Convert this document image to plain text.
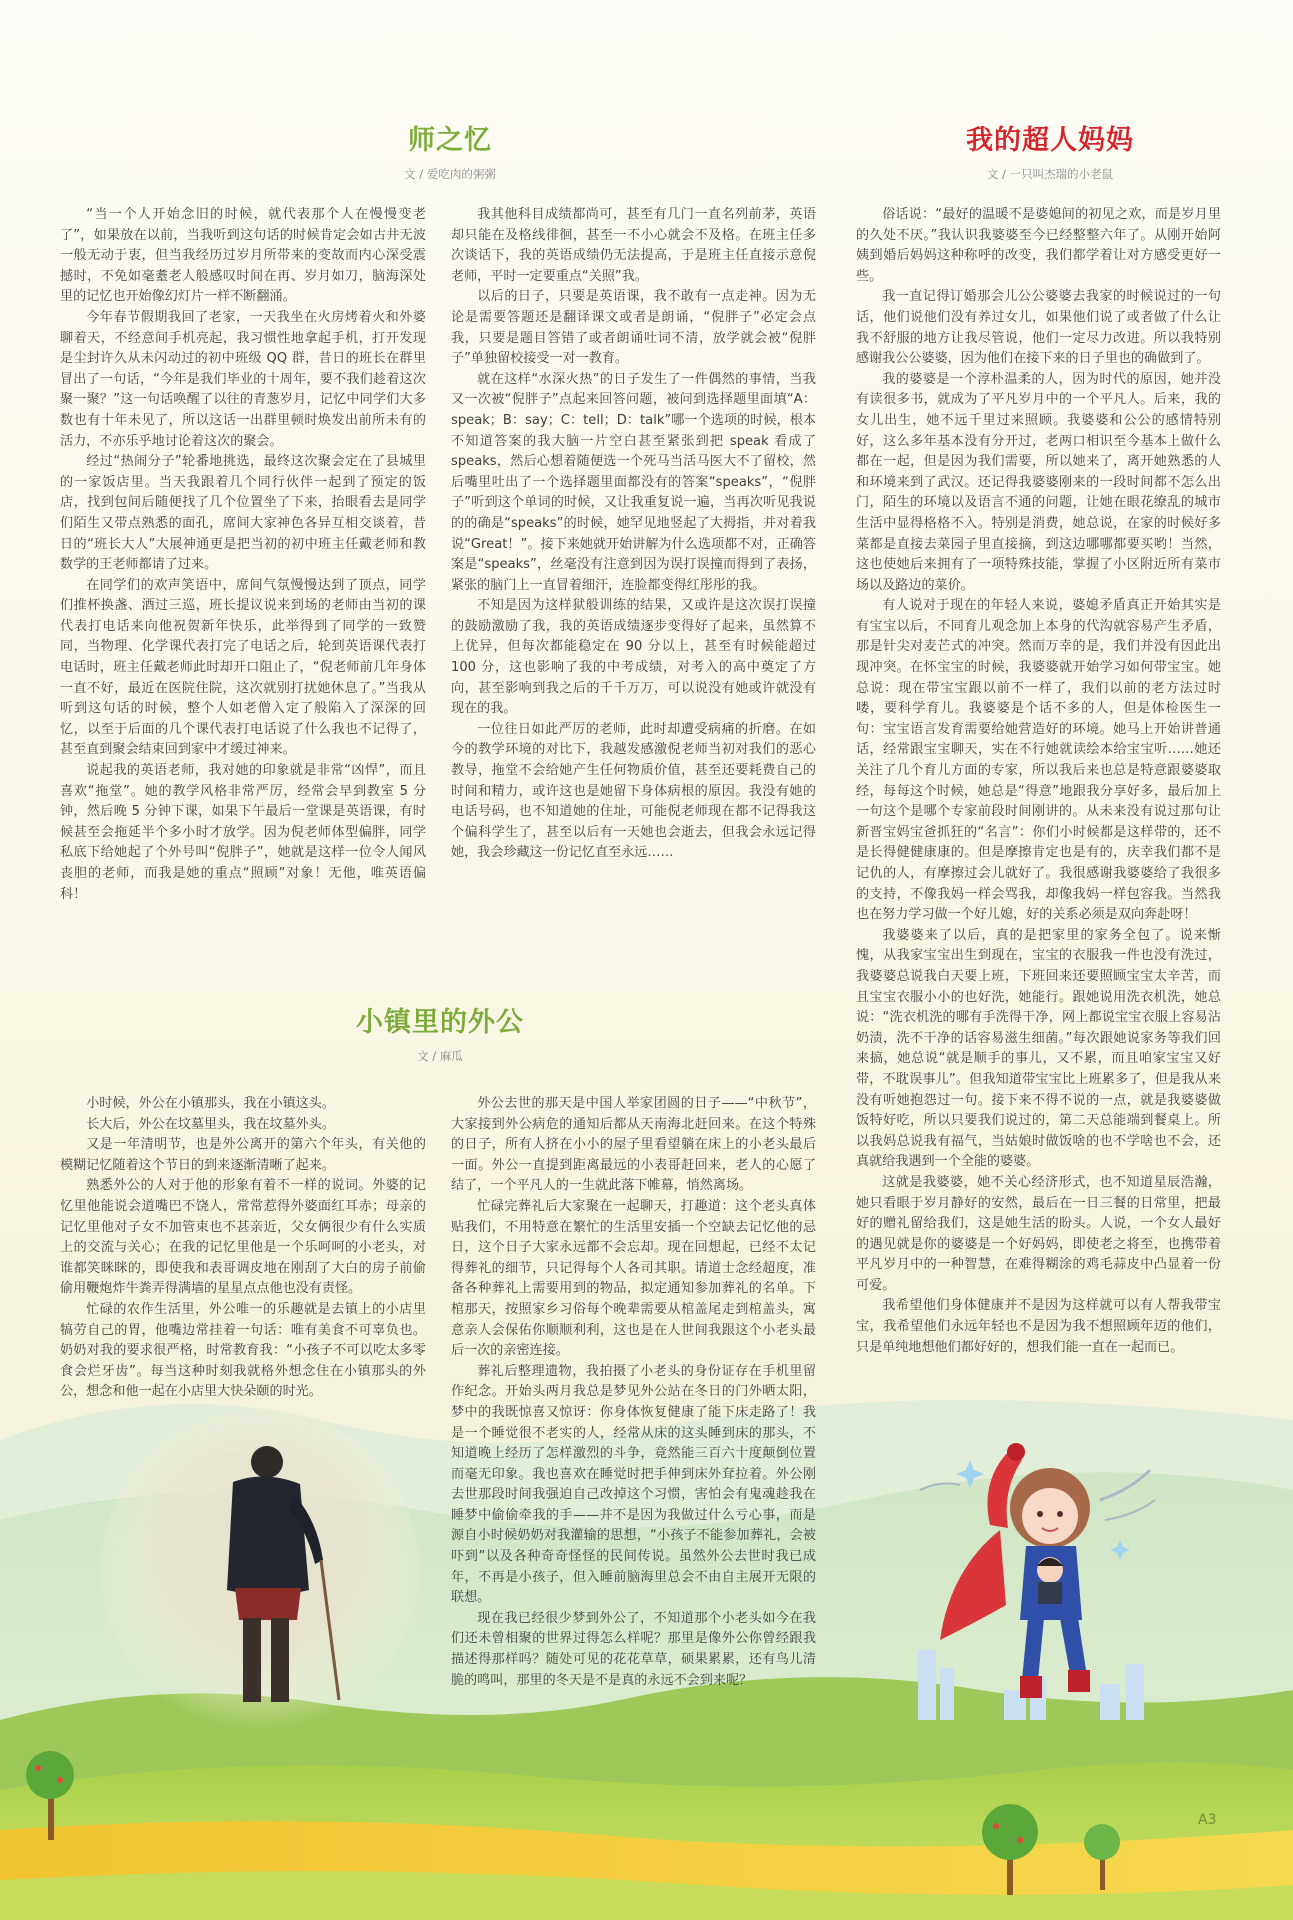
师之忆
文 / 爱吃肉的粥粥

“当一个人开始念旧的时候，就代表那个人在慢慢变老了”，如果放在以前，当我听到这句话的时候肯定会如古井无波一般无动于衷，但当我经历过岁月所带来的变故而内心深受震撼时，不免如毫耋老人般感叹时间在再、岁月如刀，脑海深处里的记忆也开始像幻灯片一样不断翻涌。

今年春节假期我回了老家，一天我坐在火房烤着火和外婆聊着天，不经意间手机亮起，我习惯性地拿起手机，打开发现是尘封许久从未闪动过的初中班级 QQ 群，昔日的班长在群里冒出了一句话，“今年是我们毕业的十周年，要不我们趁着这次聚一聚？”这一句话唤醒了以往的青葱岁月，记忆中同学们大多数也有十年未见了，所以这话一出群里顿时焕发出前所未有的活力，不亦乐乎地讨论着这次的聚会。

经过“热闹分子”轮番地挑选，最终这次聚会定在了县城里的一家饭店里。当天我跟着几个同行伙伴一起到了预定的饭店，找到包间后随便找了几个位置坐了下来，抬眼看去是同学们陌生又带点熟悉的面孔，席间大家神色各异互相交谈着，昔日的“班长大人”大展神通更是把当初的初中班主任戴老师和教数学的王老师都请了过来。

在同学们的欢声笑语中，席间气氛慢慢达到了顶点，同学们推杯换盏、酒过三巡，班长提议说来到场的老师由当初的课代表打电话来向他祝贺新年快乐，此举得到了同学的一致赞同，当物理、化学课代表打完了电话之后，轮到英语课代表打电话时，班主任戴老师此时却开口阻止了，“倪老师前几年身体一直不好，最近在医院住院，这次就别打扰她休息了。”当我从听到这句话的时候，整个人如老僧入定了般陷入了深深的回忆，以至于后面的几个课代表打电话说了什么我也不记得了，甚至直到聚会结束回到家中才缓过神来。

说起我的英语老师，我对她的印象就是非常“凶悍”，而且喜欢“拖堂”。她的教学风格非常严厉，经常会早到教室 5 分钟，然后晚 5 分钟下课，如果下午最后一堂课是英语课，有时候甚至会拖延半个多小时才放学。因为倪老师体型偏胖，同学私底下给她起了个外号叫“倪胖子”，她就是这样一位令人闻风丧胆的老师，而我是她的重点“照顾”对象！无他，唯英语偏科！

我其他科目成绩都尚可，甚至有几门一直名列前茅，英语却只能在及格线徘徊，甚至一不小心就会不及格。在班主任多次谈话下，我的英语成绩仍无法提高，于是班主任直接示意倪老师，平时一定要重点“关照”我。

以后的日子，只要是英语课，我不敢有一点走神。因为无论是需要答题还是翻译课文或者是朗诵，“倪胖子”必定会点我，只要是题目答错了或者朗诵吐词不清，放学就会被“倪胖子”单独留校接受一对一教育。

就在这样“水深火热”的日子发生了一件偶然的事情，当我又一次被“倪胖子”点起来回答问题，被问到选择题里面填“A：speak；B：say；C：tell；D：talk”哪一个选项的时候，根本不知道答案的我大脑一片空白甚至紧张到把 speak 看成了 speaks，然后心想着随便选一个死马当活马医大不了留校，然后嘴里吐出了一个选择题里面都没有的答案“speaks”，“倪胖子”听到这个单词的时候，又让我重复说一遍，当再次听见我说的的确是“speaks”的时候，她罕见地竖起了大拇指，并对着我说“Great！”。接下来她就开始讲解为什么选项都不对，正确答案是“speaks”，丝毫没有注意到因为误打误撞而得到了表扬，紧张的脑门上一直冒着细汗，连脸都变得红彤彤的我。

不知是因为这样狱般训练的结果，又或许是这次误打误撞的鼓励激励了我，我的英语成绩逐步变得好了起来，虽然算不上优异，但每次都能稳定在 90 分以上，甚至有时候能超过 100 分，这也影响了我的中考成绩，对考入的高中奠定了方向，甚至影响到我之后的千千万万，可以说没有她或许就没有现在的我。

一位往日如此严厉的老师，此时却遭受病痛的折磨。在如今的教学环境的对比下，我越发感激倪老师当初对我们的恶心教导，拖堂不会给她产生任何物质价值，甚至还要耗费自己的时间和精力，或许这也是她留下身体病根的原因。我没有她的电话号码，也不知道她的住址，可能倪老师现在都不记得我这个偏科学生了，甚至以后有一天她也会逝去，但我会永远记得她，我会珍藏这一份记忆直至永远……

我的超人妈妈
文 / 一只叫杰瑞的小老鼠

俗话说：“最好的温暖不是婆媳间的初见之欢，而是岁月里的久处不厌。”我认识我婆婆至今已经整整六年了。从刚开始阿姨到婚后妈妈这种称呼的改变，我们都学着让对方感受更好一些。

我一直记得订婚那会儿公公婆婆去我家的时候说过的一句话，他们说他们没有养过女儿，如果他们说了或者做了什么让我不舒服的地方让我尽管说，他们一定尽力改进。所以我特别感谢我公公婆婆，因为他们在接下来的日子里也的确做到了。

我的婆婆是一个淳朴温柔的人，因为时代的原因，她并没有读很多书，就成为了平凡岁月中的一个平凡人。后来，我的女儿出生，她不远千里过来照顾。我婆婆和公公的感情特别好，这么多年基本没有分开过，老两口相识至今基本上做什么都在一起，但是因为我们需要，所以她来了，离开她熟悉的人和环境来到了武汉。还记得我婆婆刚来的一段时间都不怎么出门，陌生的环境以及语言不通的问题，让她在眼花缭乱的城市生活中显得格格不入。特别是消费，她总说，在家的时候好多菜都是直接去菜园子里直接摘，到这边哪哪都要买哟！当然，这也使她后来拥有了一项特殊技能，掌握了小区附近所有菜市场以及路边的菜价。

有人说对于现在的年轻人来说，婆媳矛盾真正开始其实是有宝宝以后，不同育儿观念加上本身的代沟就容易产生矛盾，那是针尖对麦芒式的冲突。然而万幸的是，我们并没有因此出现冲突。在怀宝宝的时候，我婆婆就开始学习如何带宝宝。她总说：现在带宝宝跟以前不一样了，我们以前的老方法过时喽，要科学育儿。我婆婆是个话不多的人，但是体检医生一句：宝宝语言发育需要给她营造好的环境。她马上开始讲普通话，经常跟宝宝聊天，实在不行她就读绘本给宝宝听……她还关注了几个育儿方面的专家，所以我后来也总是特意跟婆婆取经，每每这个时候，她总是“得意”地跟我分享好多，最后加上一句这个是哪个专家前段时间刚讲的。从未来没有说过那句让新晋宝妈宝爸抓狂的“名言”：你们小时候都是这样带的，还不是长得健健康康的。但是摩擦肯定也是有的，庆幸我们都不是记仇的人，有摩擦过会儿就好了。我很感谢我婆婆给了我很多的支持，不像我妈一样会骂我，却像我妈一样包容我。当然我也在努力学习做一个好儿媳，好的关系必须是双向奔赴呀！

我婆婆来了以后，真的是把家里的家务全包了。说来惭愧，从我家宝宝出生到现在，宝宝的衣服我一件也没有洗过，我婆婆总说我白天要上班，下班回来还要照顾宝宝太辛苦，而且宝宝衣服小小的也好洗，她能行。跟她说用洗衣机洗，她总说：“洗衣机洗的哪有手洗得干净，网上都说宝宝衣服上容易沾奶渍，洗不干净的话容易滋生细菌。”每次跟她说家务等我们回来搞，她总说“就是顺手的事儿，又不累，而且咱家宝宝又好带，不耽误事儿”。但我知道带宝宝比上班累多了，但是我从来没有听她抱怨过一句。接下来不得不说的一点，就是我婆婆做饭特好吃，所以只要我们说过的，第二天总能端到餐桌上。所以我妈总说我有福气，当姑娘时做饭啥的也不学啥也不会，还真就给我遇到一个全能的婆婆。

这就是我婆婆，她不关心经济形式，也不知道星辰浩瀚，她只看眼于岁月静好的安然，最后在一日三餐的日常里，把最好的赠礼留给我们，这是她生活的盼头。人说，一个女人最好的遇见就是你的婆婆是一个好妈妈，即使老之将至，也携带着平凡岁月中的一种智慧，在难得糊涂的鸡毛蒜皮中凸显着一份可爱。

我希望他们身体健康并不是因为这样就可以有人帮我带宝宝，我希望他们永远年轻也不是因为我不想照顾年迈的他们，只是单纯地想他们都好好的，想我们能一直在一起而已。

小镇里的外公
文 / 麻瓜

小时候，外公在小镇那头，我在小镇这头。

长大后，外公在坟墓里头，我在坟墓外头。

又是一年清明节，也是外公离开的第六个年头，有关他的模糊记忆随着这个节日的到来逐渐清晰了起来。

熟悉外公的人对于他的形象有着不一样的说词。外婆的记忆里他能说会道嘴巴不饶人，常常惹得外婆面红耳赤；母亲的记忆里他对子女不加管束也不甚亲近，父女俩很少有什么实质上的交流与关心；在我的记忆里他是一个乐呵呵的小老头，对谁都笑眯眯的，即使我和表哥调皮地在刚刮了大白的房子前偷偷用鞭炮炸牛粪弄得满墙的星星点点他也没有责怪。

忙碌的农作生活里，外公唯一的乐趣就是去镇上的小店里犒劳自己的胃，他嘴边常挂着一句话：唯有美食不可辜负也。奶奶对我的要求很严格，时常教育我：“小孩子不可以吃太多零食会烂牙齿”。每当这种时刻我就格外想念住在小镇那头的外公，想念和他一起在小店里大快朵颐的时光。

外公去世的那天是中国人举家团圆的日子——“中秋节”，大家接到外公病危的通知后都从天南海北赶回来。在这个特殊的日子，所有人挤在小小的屋子里看望躺在床上的小老头最后一面。外公一直提到距离最远的小表哥赶回来，老人的心愿了结了，一个平凡人的一生就此落下帷幕，悄然离场。

忙碌完葬礼后大家聚在一起聊天，打趣道：这个老头真体贴我们，不用特意在繁忙的生活里安插一个空缺去记忆他的忌日，这个日子大家永远都不会忘却。现在回想起，已经不太记得葬礼的细节，只记得每个人各司其职。请道士念经超度，准备各种葬礼上需要用到的物品，拟定通知参加葬礼的名单。下棺那天，按照家乡习俗每个晚辈需要从棺盖尾走到棺盖头，寓意亲人会保佑你顺顺利利，这也是在人世间我跟这个小老头最后一次的亲密连接。

葬礼后整理遗物，我拍摄了小老头的身份证存在手机里留作纪念。开始头两月我总是梦见外公站在冬日的门外晒太阳，梦中的我既惊喜又惊讶：你身体恢复健康了能下床走路了！我是一个睡觉很不老实的人，经常从床的这头睡到床的那头，不知道晚上经历了怎样激烈的斗争，竟然能三百六十度颠倒位置而毫无印象。我也喜欢在睡觉时把手伸到床外耷拉着。外公刚去世那段时间我强迫自己改掉这个习惯，害怕会有鬼魂趁我在睡梦中偷偷牵我的手——并不是因为我做过什么亏心事，而是源自小时候奶奶对我灌输的思想，“小孩子不能参加葬礼，会被吓到”以及各种奇奇怪怪的民间传说。虽然外公去世时我已成年，不再是小孩子，但入睡前脑海里总会不由自主展开无限的联想。

现在我已经很少梦到外公了，不知道那个小老头如今在我们还未曾相聚的世界过得怎么样呢？那里是像外公你曾经跟我描述得那样吗？随处可见的花花草草，硕果累累，还有鸟儿清脆的鸣叫，那里的冬天是不是真的永远不会到来呢？

A3
